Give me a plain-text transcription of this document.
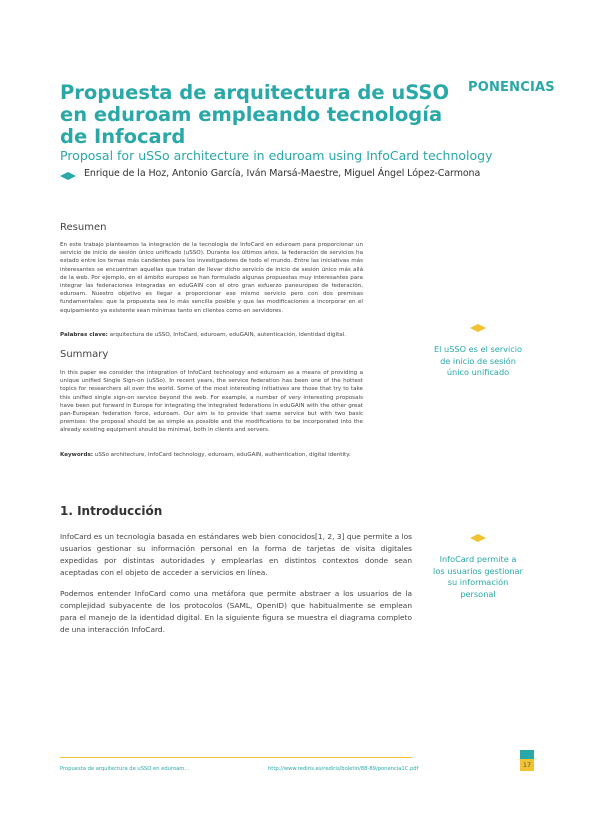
PONENCIAS
Propuesta de arquitectura de uSSO en eduroam empleando tecnología de Infocard
Proposal for uSSo architecture in eduroam using InfoCard technology
Enrique de la Hoz, Antonio García, Iván Marsá-Maestre, Miguel Ángel López-Carmona
Resumen

En este trabajo planteamos la integración de la tecnología de InfoCard en eduroam para proporcionar un servicio de inicio de sesión único unificado (uSSO). Durante los últimos años, la federación de servicios ha estado entre los temas más candentes para los investigadores de todo el mundo. Entre las iniciativas más interesantes se encuentran aquellas que tratan de llevar dicho servicio de inicio de sesión único más allá de la web. Por ejemplo, en el ámbito europeo se han formulado algunas propuestas muy interesantes para integrar las federaciones integradas en eduGAIN con el otro gran esfuerzo paneuropeo de federación, eduroam. Nuestro objetivo es llegar a proporcionar ese mismo servicio pero con dos premisas fundamentales: que la propuesta sea lo más sencilla posible y que las modificaciones a incorporar en el equipamiento ya existente sean mínimas tanto en clientes como en servidores.

Palabras clave: arquitectura de uSSO, InfoCard, eduroam, eduGAIN, autenticación, identidad digital.
Summary

In this paper we consider the integration of InfoCard technology and eduroam as a means of providing a unique unified Single Sign-on (uSSo). In recent years, the service federation has been one of the hottest topics for researchers all over the world. Some of the most interesting initiatives are those that try to take this unified single sign-on service beyond the web. For example, a number of very interesting proposals have been put forward in Europe for integrating the integrated federations in eduGAIN with the other great pan-European federation force, eduroam. Our aim is to provide that same service but with two basic premises: the proposal should be as simple as possible and the modifications to be incorporated into the already existing equipment should be minimal, both in clients and servers.

Keywords: uSSo architecture, InfoCard technology, eduroam, eduGAIN, authentication, digital identity.
El uSSO es el servicio de inicio de sesión único unificado
1. Introducción

InfoCard es un tecnología basada en estándares web bien conocidos[1, 2, 3] que permite a los usuarios gestionar su información personal en la forma de tarjetas de visita digitales expedidas por distintas autoridades y emplearlas en distintos contextos donde sean aceptadas con el objeto de acceder a servicios en línea.

Podemos entender InfoCard como una metáfora que permite abstraer a los usuarios de la complejidad subyacente de los protocolos (SAML, OpenID) que habitualmente se emplean para el manejo de la identidad digital. En la siguiente figura se muestra el diagrama completo de una interacción InfoCard.

InfoCard permite a los usuarios gestionar su información personal
Propuesta de arquitectura de uSSO en eduroam...	http://www.rediris.es/rediris/boletin/88-89/ponencia1C.pdf	17
